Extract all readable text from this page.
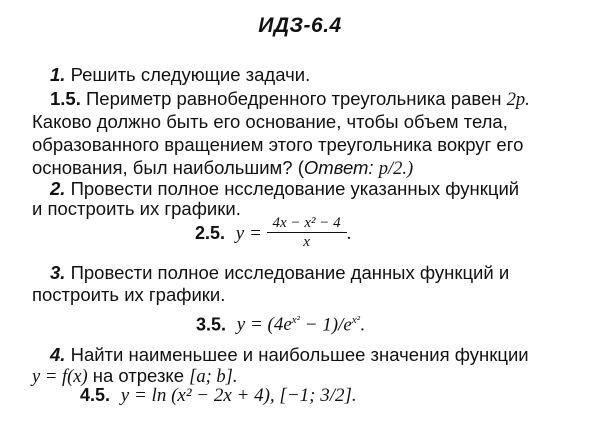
ИДЗ-6.4
1. Решить следующие задачи.
1.5. Периметр равнобедренного треугольника равен 2p.
Каково должно быть его основание, чтобы объем тела,
образованного вращением этого треугольника вокруг его
основания, был наибольшим? (Ответ: p/2.)
2. Провести полное нсследование указанных функций
и построить их графики.
2.5. $y = \frac{\text{4x − x² − 4}}{x}$ .
3. Провести полное исследование данных функций и
построить их графики.
3.5. $y = (4e^{x^2} - 1)/e^{x^2}$.
4. Найти наименьшее и наибольшее значения функции
y = f(x) на отрезке [a; b].
4.5. y = ln (x² − 2x + 4), [−1; 3/2].
